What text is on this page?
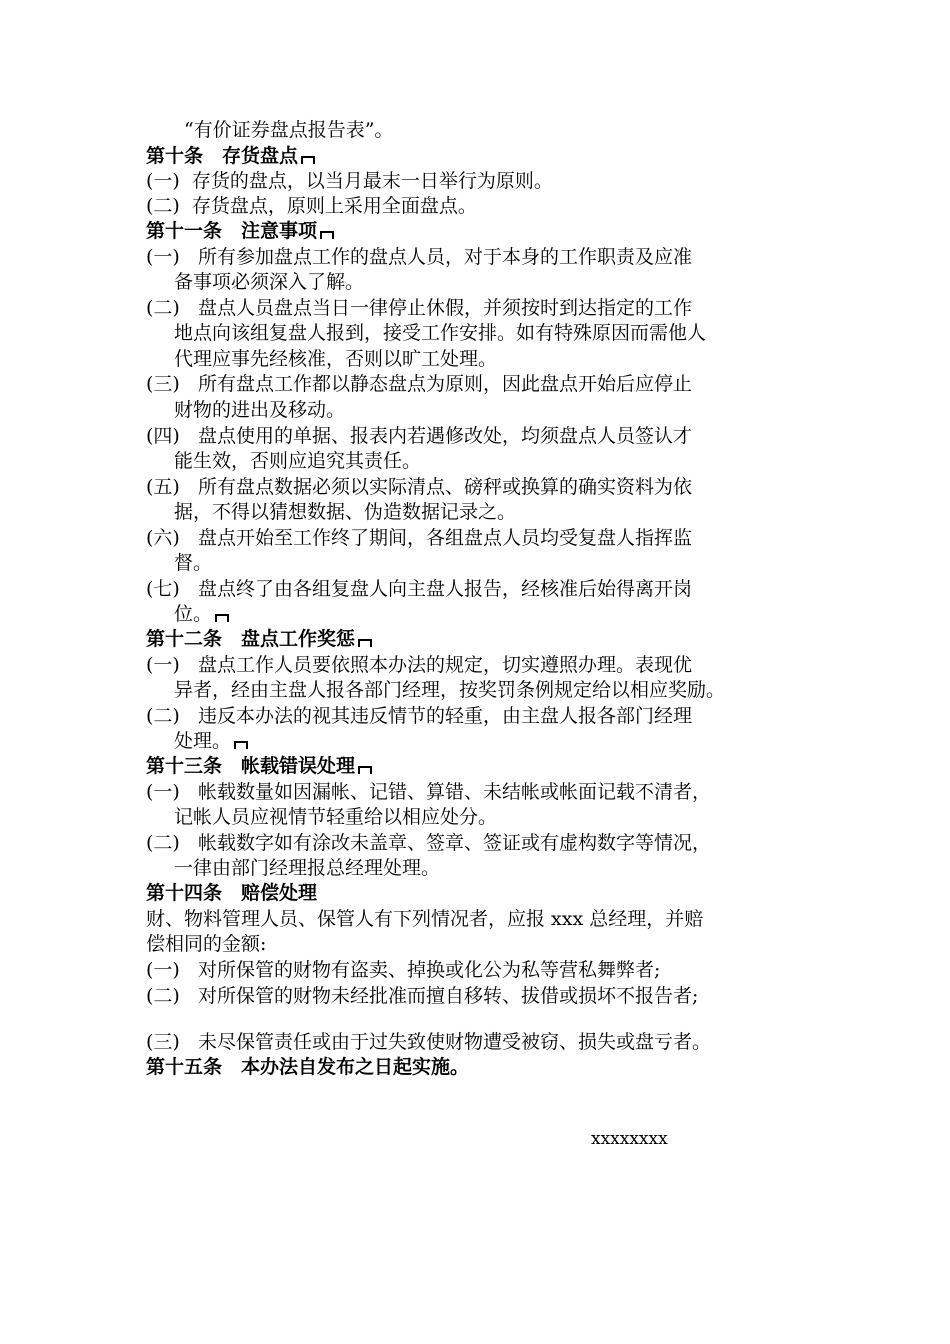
“有价证券盘点报告表”。
第十条　存货盘点
(一)  存货的盘点，以当月最末一日举行为原则。
(二)  存货盘点，原则上采用全面盘点。
第十一条　注意事项
(一)   所有参加盘点工作的盘点人员，对于本身的工作职责及应准
备事项必须深入了解。
(二)   盘点人员盘点当日一律停止休假，并须按时到达指定的工作
地点向该组复盘人报到，接受工作安排。如有特殊原因而需他人
代理应事先经核准，否则以旷工处理。
(三)   所有盘点工作都以静态盘点为原则，因此盘点开始后应停止
财物的进出及移动。
(四)   盘点使用的单据、报表内若遇修改处，均须盘点人员签认才
能生效，否则应追究其责任。
(五)   所有盘点数据必须以实际清点、磅秤或换算的确实资料为依
据，不得以猜想数据、伪造数据记录之。
(六)   盘点开始至工作终了期间，各组盘点人员均受复盘人指挥监
督。
(七)   盘点终了由各组复盘人向主盘人报告，经核准后始得离开岗
位。
第十二条　盘点工作奖惩
(一)   盘点工作人员要依照本办法的规定，切实遵照办理。表现优
异者，经由主盘人报各部门经理，按奖罚条例规定给以相应奖励。
(二)   违反本办法的视其违反情节的轻重，由主盘人报各部门经理
处理。
第十三条　帐载错误处理
(一)   帐载数量如因漏帐、记错、算错、未结帐或帐面记载不清者，
记帐人员应视情节轻重给以相应处分。
(二)   帐载数字如有涂改未盖章、签章、签证或有虚构数字等情况，
一律由部门经理报总经理处理。
第十四条　赔偿处理
财、物料管理人员、保管人有下列情况者，应报 xxx 总经理，并赔
偿相同的金额:
(一)   对所保管的财物有盗卖、掉换或化公为私等营私舞弊者;
(二)   对所保管的财物未经批准而擅自移转、拔借或损坏不报告者;
(三)   未尽保管责任或由于过失致使财物遭受被窃、损失或盘亏者。
第十五条　本办法自发布之日起实施。
xxxxxxxx
